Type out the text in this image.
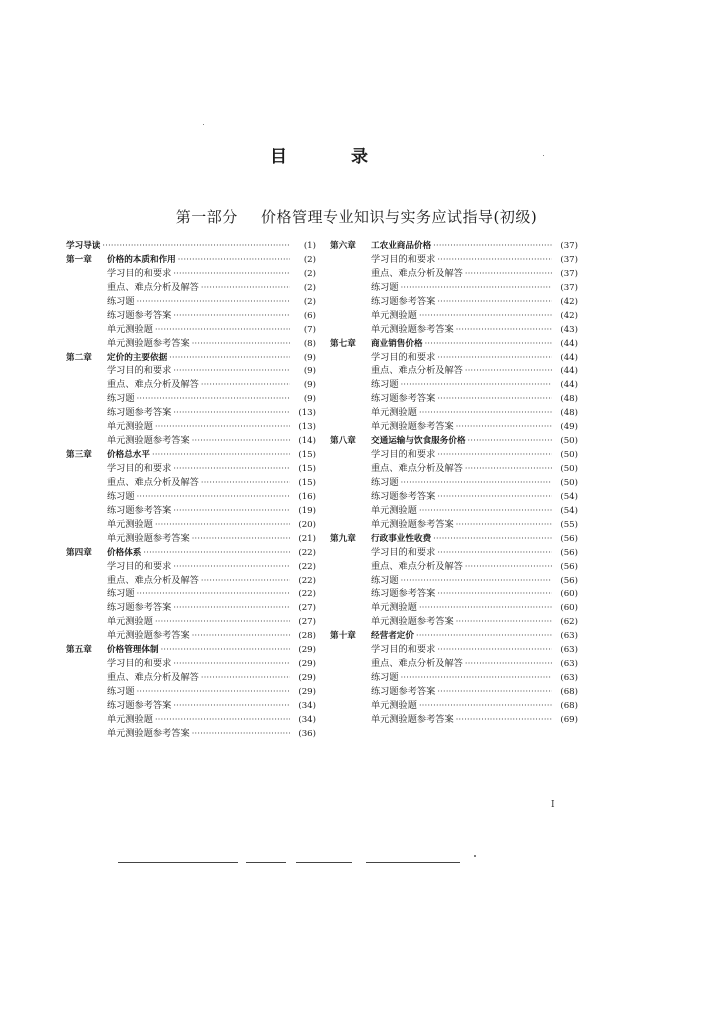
目	录
第一部分 价格管理专业知识与实务应试指导(初级)
学习导读 ·····	(1)
第一章	价格的本质和作用 ·····	(2)
学习目的和要求 ·····	(2)
重点、难点分析及解答 ·····	(2)
练习题 ·····	(2)
练习题参考答案 ·····	(6)
单元测验题 ·····	(7)
单元测验题参考答案 ·····	(8)
第二章	定价的主要依据 ·····	(9)
学习目的和要求 ·····	(9)
重点、难点分析及解答 ·····	(9)
练习题 ·····	(9)
练习题参考答案 ·····	(13)
单元测验题 ·····	(13)
单元测验题参考答案 ·····	(14)
第三章	价格总水平 ·····	(15)
学习目的和要求 ·····	(15)
重点、难点分析及解答 ·····	(15)
练习题 ·····	(16)
练习题参考答案 ·····	(19)
单元测验题 ·····	(20)
单元测验题参考答案 ·····	(21)
第四章	价格体系 ·····	(22)
学习目的和要求 ·····	(22)
重点、难点分析及解答 ·····	(22)
练习题 ·····	(22)
练习题参考答案 ·····	(27)
单元测验题 ·····	(27)
单元测验题参考答案 ·····	(28)
第五章	价格管理体制 ·····	(29)
学习目的和要求 ·····	(29)
重点、难点分析及解答 ·····	(29)
练习题 ·····	(29)
练习题参考答案 ·····	(34)
单元测验题 ·····	(34)
单元测验题参考答案 ·····	(36)
第六章	工农业商品价格 ·····	(37)
学习目的和要求 ·····	(37)
重点、难点分析及解答 ·····	(37)
练习题 ·····	(37)
练习题参考答案 ·····	(42)
单元测验题 ·····	(42)
单元测验题参考答案 ·····	(43)
第七章	商业销售价格 ·····	(44)
学习目的和要求 ·····	(44)
重点、难点分析及解答 ·····	(44)
练习题 ·····	(44)
练习题参考答案 ·····	(48)
单元测验题 ·····	(48)
单元测验题参考答案 ·····	(49)
第八章	交通运输与饮食服务价格 ·····	(50)
学习目的和要求 ·····	(50)
重点、难点分析及解答 ·····	(50)
练习题 ·····	(50)
练习题参考答案 ·····	(54)
单元测验题 ·····	(54)
单元测验题参考答案 ·····	(55)
第九章	行政事业性收费 ·····	(56)
学习目的和要求 ·····	(56)
重点、难点分析及解答 ·····	(56)
练习题 ·····	(56)
练习题参考答案 ·····	(60)
单元测验题 ·····	(60)
单元测验题参考答案 ·····	(62)
第十章	经营者定价 ·····	(63)
学习目的和要求 ·····	(63)
重点、难点分析及解答 ·····	(63)
练习题 ·····	(63)
练习题参考答案 ·····	(68)
单元测验题 ·····	(68)
单元测验题参考答案 ·····	(69)
I
